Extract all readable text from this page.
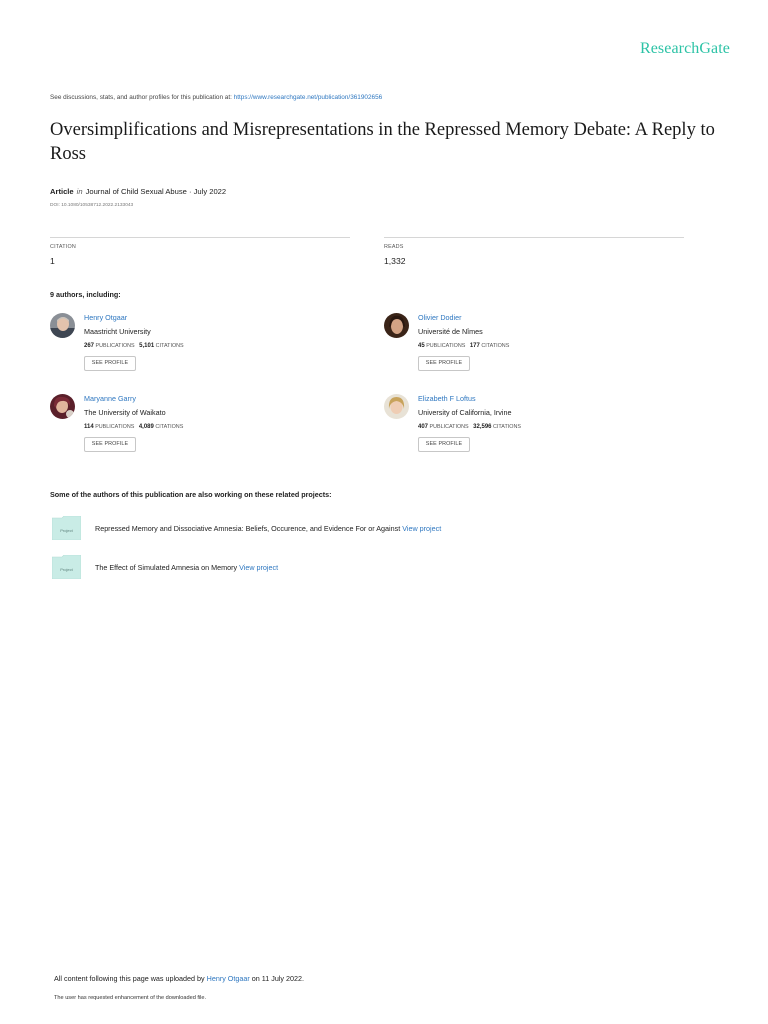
ResearchGate
See discussions, stats, and author profiles for this publication at: https://www.researchgate.net/publication/361902656
Oversimplifications and Misrepresentations in the Repressed Memory Debate: A Reply to Ross
Article in Journal of Child Sexual Abuse · July 2022
DOI: 10.1080/10538712.2022.2133043
CITATION
1
READS
1,332
9 authors, including:
Henry Otgaar
Maastricht University
267 PUBLICATIONS 5,101 CITATIONS
SEE PROFILE
Olivier Dodier
Université de Nîmes
45 PUBLICATIONS 177 CITATIONS
SEE PROFILE
Maryanne Garry
The University of Waikato
114 PUBLICATIONS 4,089 CITATIONS
SEE PROFILE
Elizabeth F Loftus
University of California, Irvine
407 PUBLICATIONS 32,596 CITATIONS
SEE PROFILE
Some of the authors of this publication are also working on these related projects:
Project	Repressed Memory and Dissociative Amnesia: Beliefs, Occurence, and Evidence For or Against View project
Project	The Effect of Simulated Amnesia on Memory View project
All content following this page was uploaded by Henry Otgaar on 11 July 2022.
The user has requested enhancement of the downloaded file.
